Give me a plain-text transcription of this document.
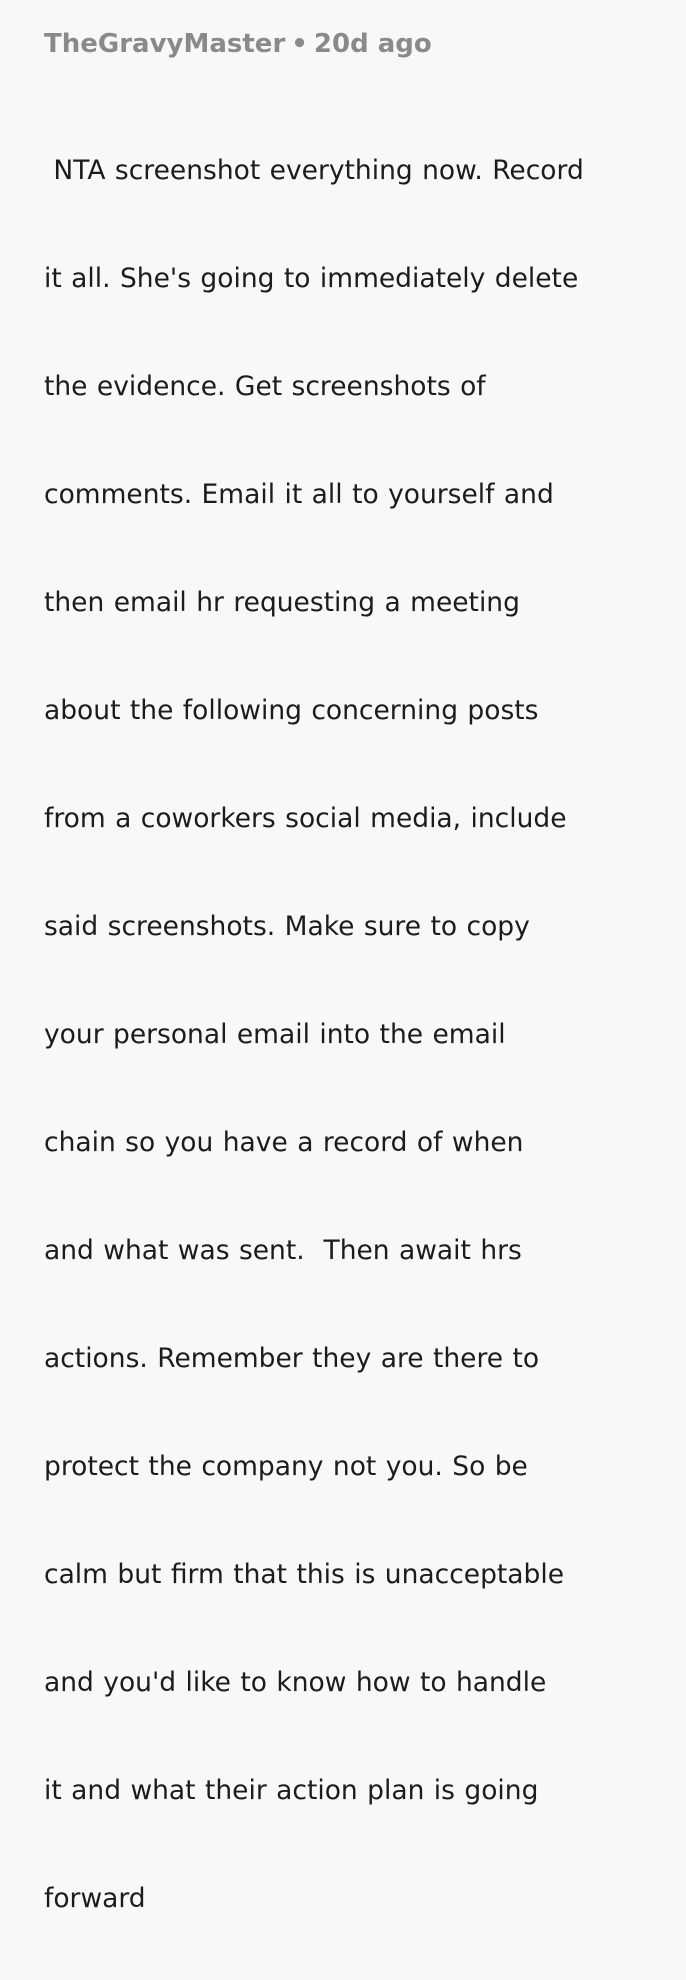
TheGravyMaster • 20d ago

NTA screenshot everything now. Record

it all. She's going to immediately delete

the evidence. Get screenshots of

comments. Email it all to yourself and

then email hr requesting a meeting

about the following concerning posts

from a coworkers social media, include

said screenshots. Make sure to copy

your personal email into the email

chain so you have a record of when

and what was sent.  Then await hrs

actions. Remember they are there to

protect the company not you. So be

calm but firm that this is unacceptable

and you'd like to know how to handle

it and what their action plan is going

forward
